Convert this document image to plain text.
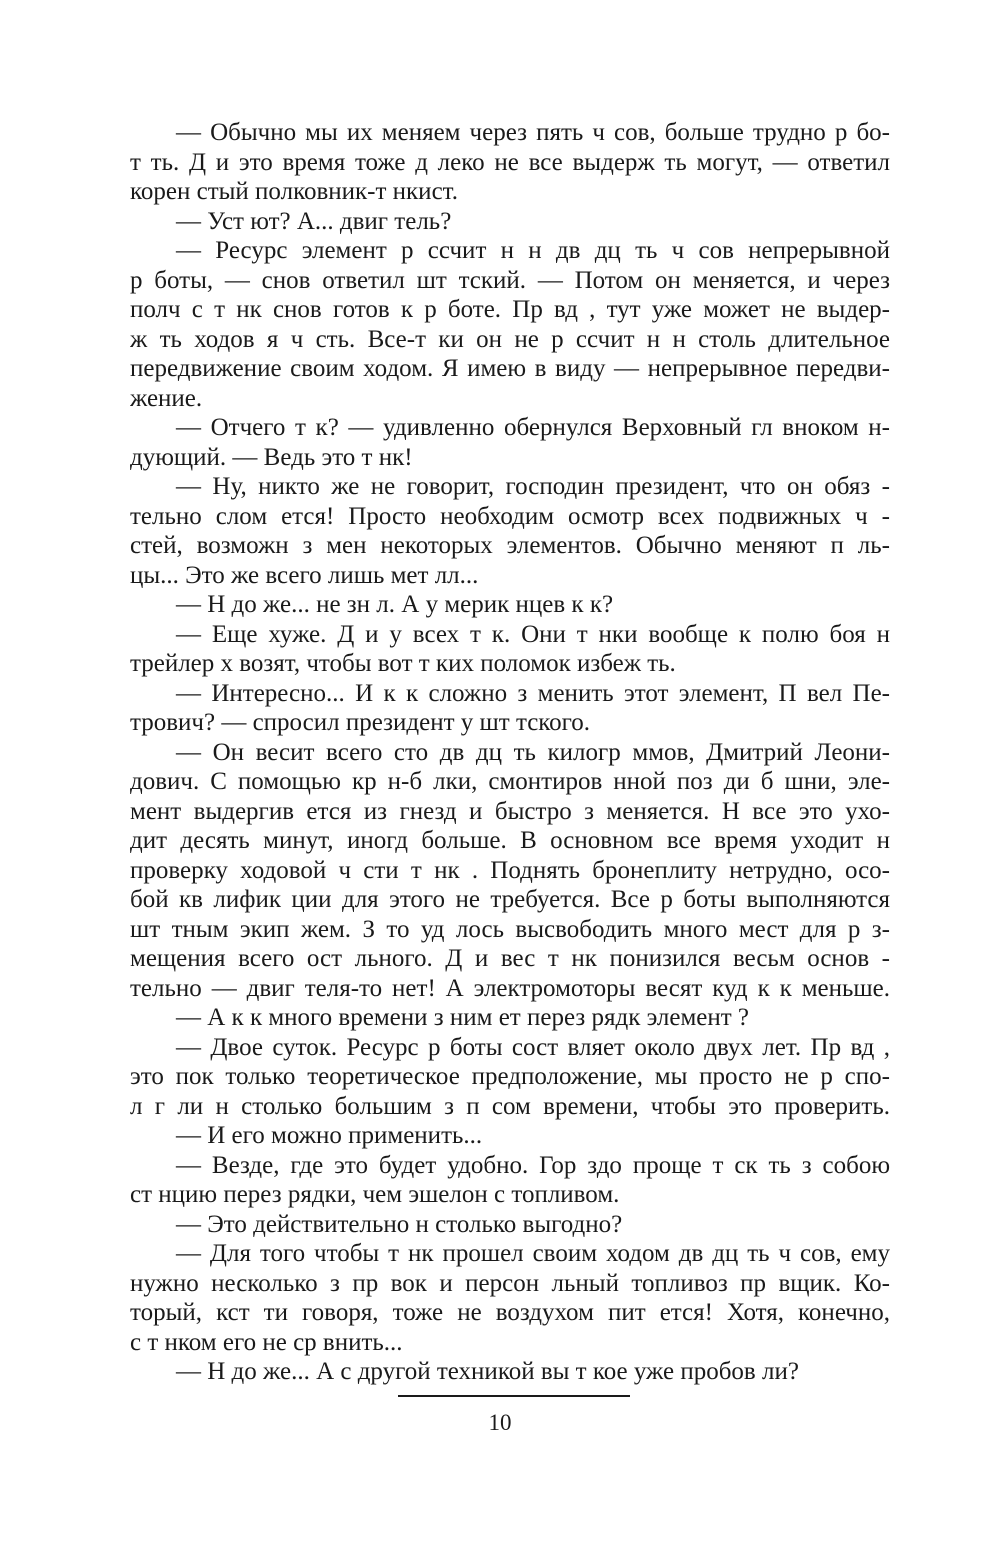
— Обычно мы их меняем через пять ч сов, больше трудно р бо-
т ть. Д и это время тоже д леко не все выдерж ть могут, — ответил
корен стый полковник-т нкист.
— Уст ют? А... двиг тель?
— Ресурс элемент р ссчит н н дв дц ть ч сов непрерывной
р боты, — снов ответил шт тский. — Потом он меняется, и через
полч с т нк снов готов к р боте. Пр вд , тут уже может не выдер-
ж ть ходов я ч сть. Все-т ки он не р ссчит н н столь длительное
передвижение своим ходом. Я имею в виду — непрерывное передви-
жение.
— Отчего т к? — удивленно обернулся Верховный гл вноком н-
дующий. — Ведь это т нк!
— Ну, никто же не говорит, господин президент, что он обяз -
тельно слом ется! Просто необходим осмотр всех подвижных ч -
стей, возможн з мен некоторых элементов. Обычно меняют п ль-
цы... Это же всего лишь мет лл...
— Н до же... не зн л. А у мерик нцев к к?
— Еще хуже. Д и у всех т к. Они т нки вообще к полю боя н
трейлер х возят, чтобы вот т ких поломок избеж ть.
— Интересно... И к к сложно з менить этот элемент, П вел Пе-
трович? — спросил президент у шт тского.
— Он весит всего сто дв дц ть килогр ммов, Дмитрий Леони-
дович. С помощью кр н-б лки, смонтиров нной поз ди б шни, эле-
мент выдергив ется из гнезд и быстро з меняется. Н все это ухо-
дит десять минут, иногд больше. В основном все время уходит н
проверку ходовой ч сти т нк . Поднять бронеплиту нетрудно, осо-
бой кв лифик ции для этого не требуется. Все р боты выполняются
шт тным экип жем. З то уд лось высвободить много мест для р з-
мещения всего ост льного. Д и вес т нк понизился весьм основ -
тельно — двиг теля-то нет! А электромоторы весят куд к к меньше.
— А к к много времени з ним ет перез рядк элемент ?
— Двое суток. Ресурс р боты сост вляет около двух лет. Пр вд ,
это пок только теоретическое предположение, мы просто не р спо-
л г ли н столько большим з п сом времени, чтобы это проверить.
— И его можно применить...
— Везде, где это будет удобно. Гор здо проще т ск ть з собою
ст нцию перез рядки, чем эшелон с топливом.
— Это действительно н столько выгодно?
— Для того чтобы т нк прошел своим ходом дв дц ть ч сов, ему
нужно несколько з пр вок и персон льный топливоз пр вщик. Ко-
торый, кст ти говоря, тоже не воздухом пит ется! Хотя, конечно,
с т нком его не ср внить...
— Н до же... А с другой техникой вы т кое уже пробов ли?
10
